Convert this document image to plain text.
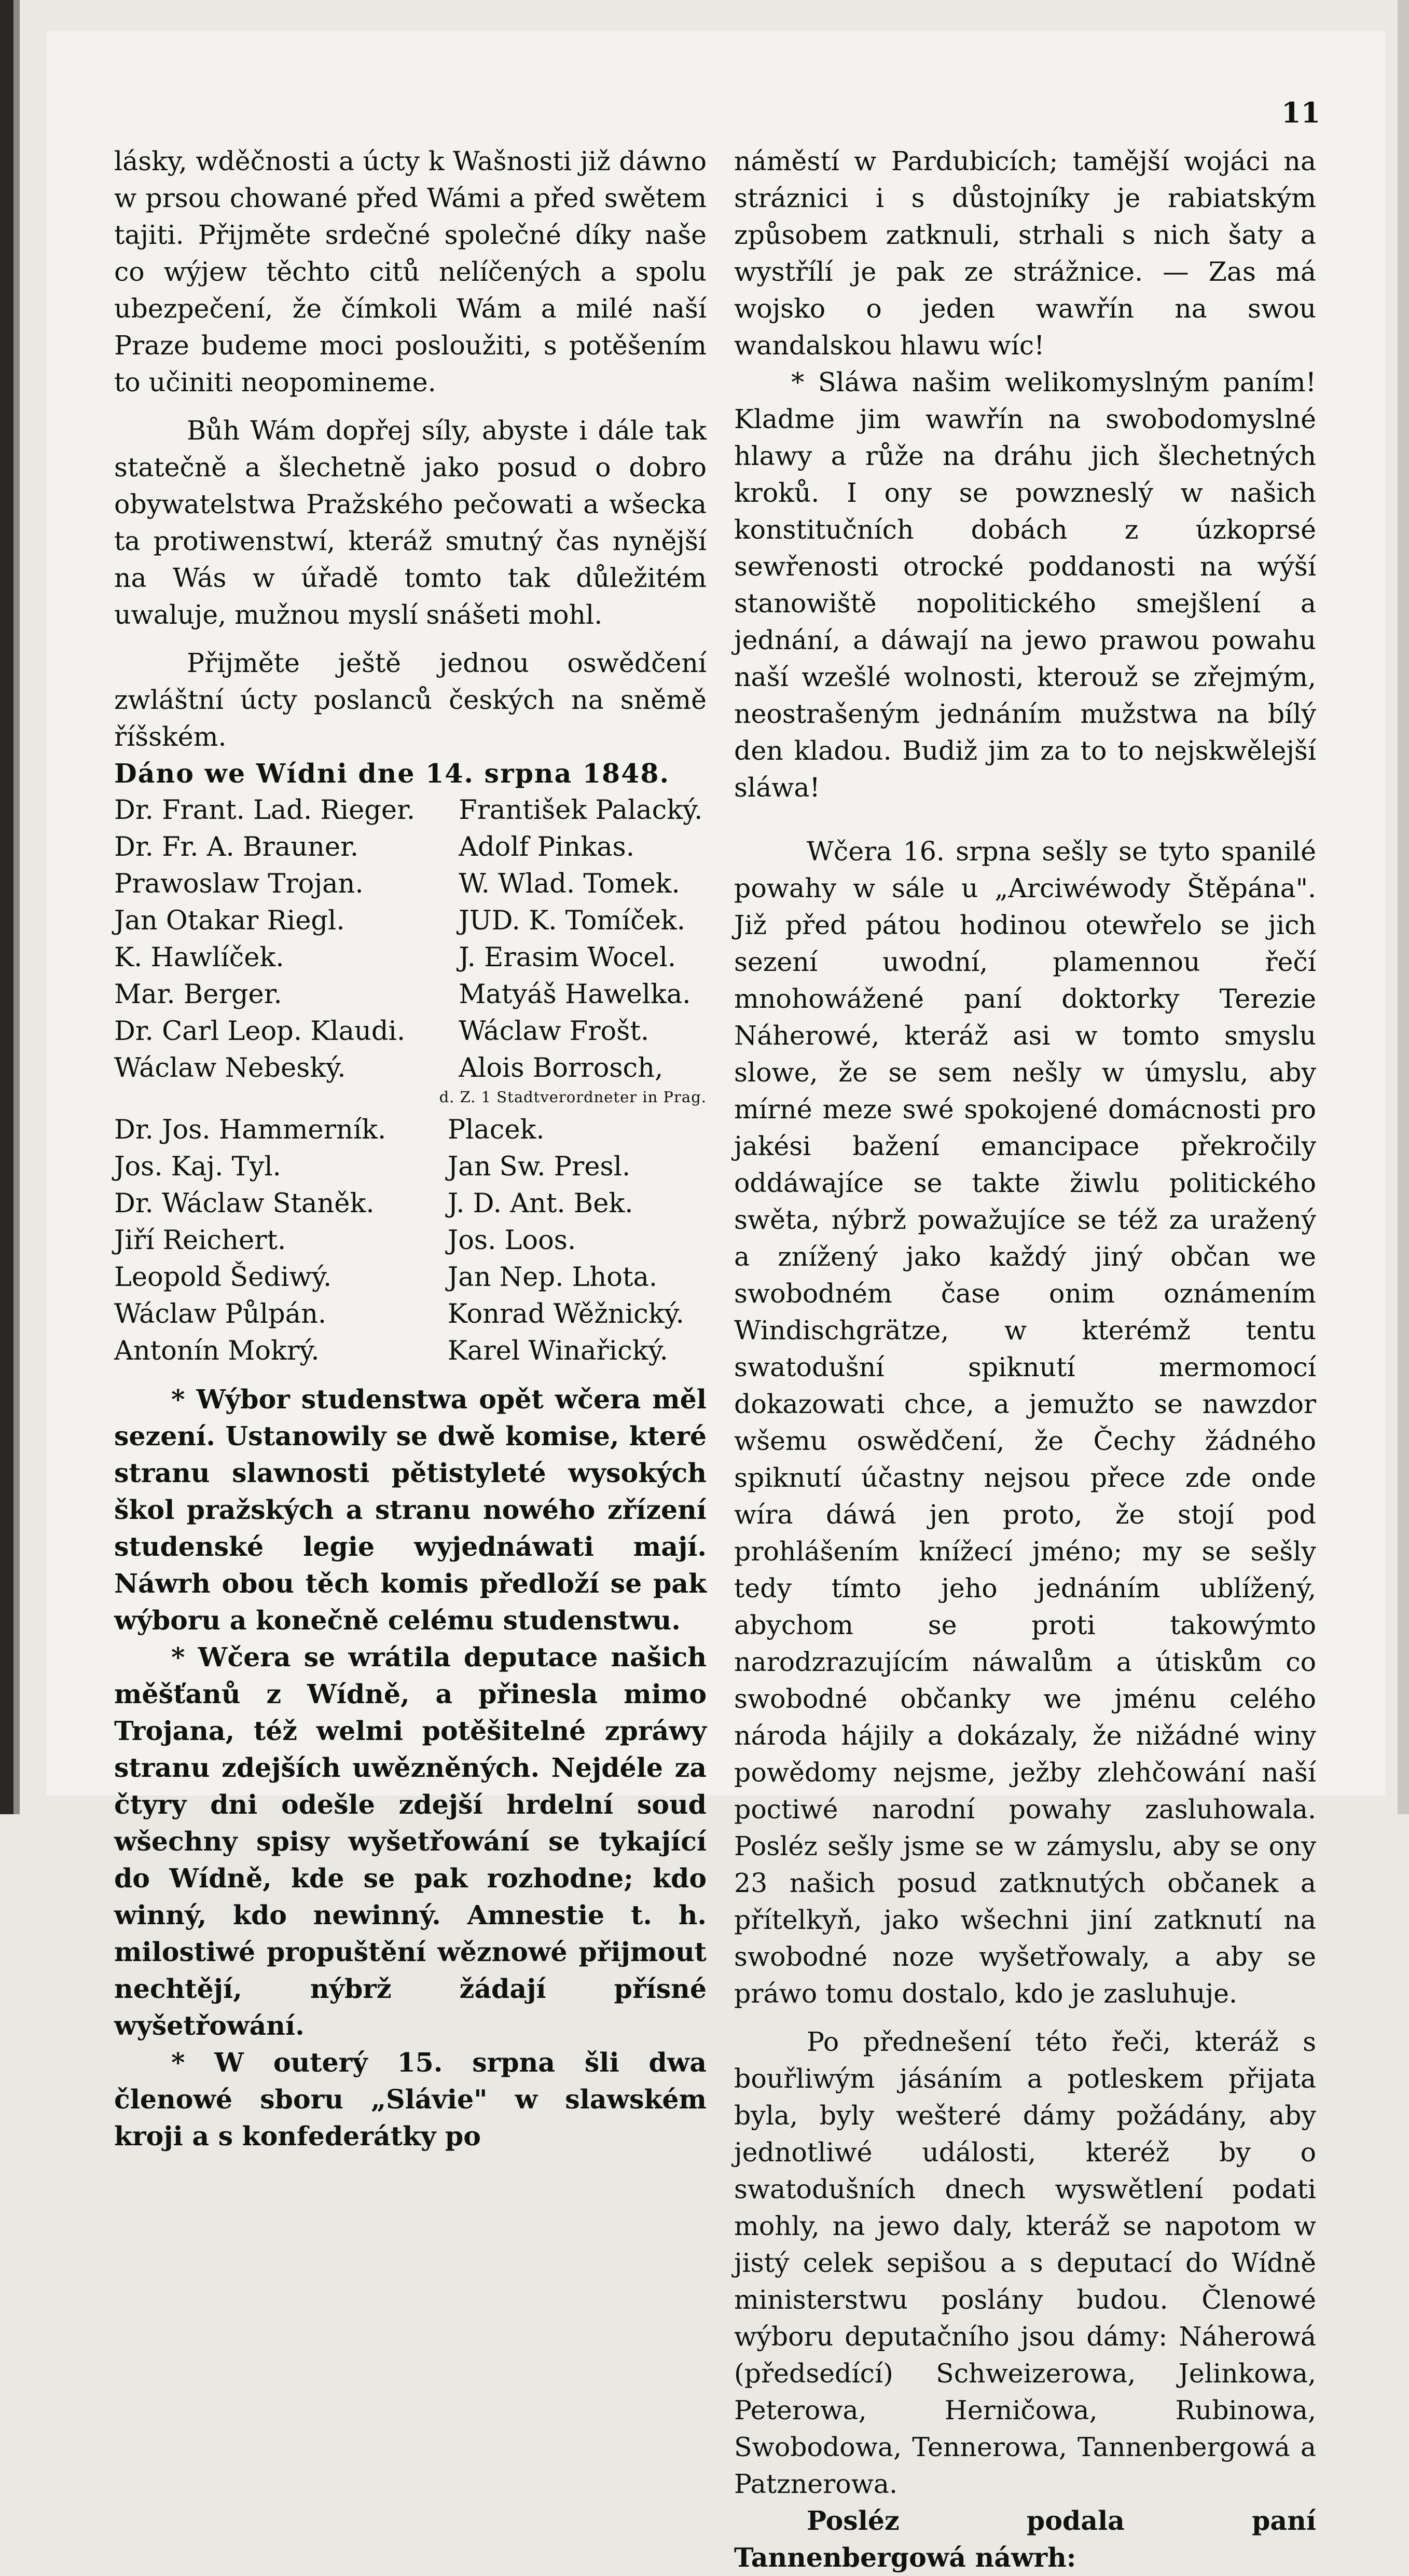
11

lásky, wděčnosti a úcty k Wašnosti již dáwno w prsou chowané před Wámi a před swětem tajiti. Přijměte srdečné společné díky naše co wýjew těchto citů nelíčených a spolu ubezpečení, že čímkoli Wám a milé naší Praze budeme moci posloužiti, s potěšením to učiniti neopomineme.

Bůh Wám dopřej síly, abyste i dále tak statečně a šlechetně jako posud o dobro obywatelstwa Pražského pečowati a wšecka ta protiwenstwí, kteráž smutný čas nynější na Wás w úřadě tomto tak důležitém uwaluje, mužnou myslí snášeti mohl.

Přijměte ještě jednou oswědčení zwláštní úcty poslanců českých na sněmě říšském.

Dáno we Wídni dne 14. srpna 1848.

Dr. Frant. Lad. Rieger.	František Palacký.
Dr. Fr. A. Brauner.	Adolf Pinkas.
Prawoslaw Trojan.	W. Wlad. Tomek.
Jan Otakar Riegl.	JUD. K. Tomíček.
K. Hawlíček.	J. Erasim Wocel.
Mar. Berger.	Matyáš Hawelka.
Dr. Carl Leop. Klaudi.	Wáclaw Frošt.
Wáclaw Nebeský.	Alois Borrosch,
d. Z. 1 Stadtverordneter in Prag.
Dr. Jos. Hammerník.	Placek.
Jos. Kaj. Tyl.	Jan Sw. Presl.
Dr. Wáclaw Staněk.	J. D. Ant. Bek.
Jiří Reichert.	Jos. Loos.
Leopold Šediwý.	Jan Nep. Lhota.
Wáclaw Půlpán.	Konrad Wěžnický.
Antonín Mokrý.	Karel Winařický.

* Wýbor studenstwa opět wčera měl sezení. Ustanowily se dwě komise, které stranu slawnosti pětistyleté wysokých škol pražských a stranu nowého zřízení studenské legie wyjednáwati mají. Náwrh obou těch komis předloží se pak wýboru a konečně celému studenstwu.

* Wčera se wrátila deputace našich měšťanů z Wídně, a přinesla mimo Trojana, též welmi potěšitelné zpráwy stranu zdejších uwězněných. Nejdéle za čtyry dni odešle zdejší hrdelní soud wšechny spisy wyšetřowání se tykající do Wídně, kde se pak rozhodne; kdo winný, kdo newinný. Amnestie t. h. milostiwé propuštění wěznowé přijmout nechtějí, nýbrž žádají přísné wyšetřowání.

* W outerý 15. srpna šli dwa členowé sboru „Slávie" w slawském kroji a s konfederátky po

náměstí w Pardubicích; tamější wojáci na stráznici i s důstojníky je rabiatským způsobem zatknuli, strhali s nich šaty a wystřílí je pak ze strážnice. — Zas má wojsko o jeden wawřín na swou wandalskou hlawu wíc!

* Sláwa našim welikomyslným paním! Kladme jim wawřín na swobodomyslné hlawy a růže na dráhu jich šlechetných kroků. I ony se powzneslý w našich konstitučních dobách z úzkoprsé sewřenosti otrocké poddanosti na wýší stanowiště nopolitického smejšlení a jednání, a dáwají na jewo prawou powahu naší wzešlé wolnosti, kterouž se zřejmým, neostrašeným jednáním mužstwa na bílý den kladou. Budiž jim za to to nejskwělejší sláwa!

Wčera 16. srpna sešly se tyto spanilé powahy w sále u „Arciwéwody Štěpána". Již před pátou hodinou otewřelo se jich sezení uwodní, plamennou řečí mnohowážené paní doktorky Terezie Náherowé, kteráž asi w tomto smyslu slowe, že se sem nešly w úmyslu, aby mírné meze swé spokojené domácnosti pro jakési bažení emancipace překročily oddáwajíce se takte žiwlu politického swěta, nýbrž powažujíce se též za uražený a znížený jako každý jiný občan we swobodném čase onim oznámením Windischgrätze, w kterémž tentu swatodušní spiknutí mermomocí dokazowati chce, a jemužto se nawzdor wšemu oswědčení, že Čechy žádného spiknutí účastny nejsou přece zde onde wíra dáwá jen proto, že stojí pod prohlášením knížecí jméno; my se sešly tedy tímto jeho jednáním ublížený, abychom se proti takowýmto narodzrazujícím náwalům a útiskům co swobodné občanky we jménu celého národa hájily a dokázaly, že nižádné winy powědomy nejsme, ježby zlehčowání naší poctiwé narodní powahy zasluhowala. Posléz sešly jsme se w zámyslu, aby se ony 23 našich posud zatknutých občanek a přítelkyň, jako wšechni jiní zatknutí na swobodné noze wyšetřowaly, a aby se práwo tomu dostalo, kdo je zasluhuje.

Po přednešení této řeči, kteráž s bouřliwým jásáním a potleskem přijata byla, byly wešteré dámy požádány, aby jednotliwé události, kteréž by o swatodušních dnech wyswětlení podati mohly, na jewo daly, kteráž se napotom w jistý celek sepišou a s deputací do Wídně ministerstwu poslány budou. Členowé wýboru deputačního jsou dámy: Náherowá (předsedící) Schweizerowa, Jelinkowa, Peterowa, Herničowa, Rubinowa, Swobodowa, Tennerowa, Tannenbergowá a Patznerowa.

Posléz podala paní Tannenbergowá náwrh:
